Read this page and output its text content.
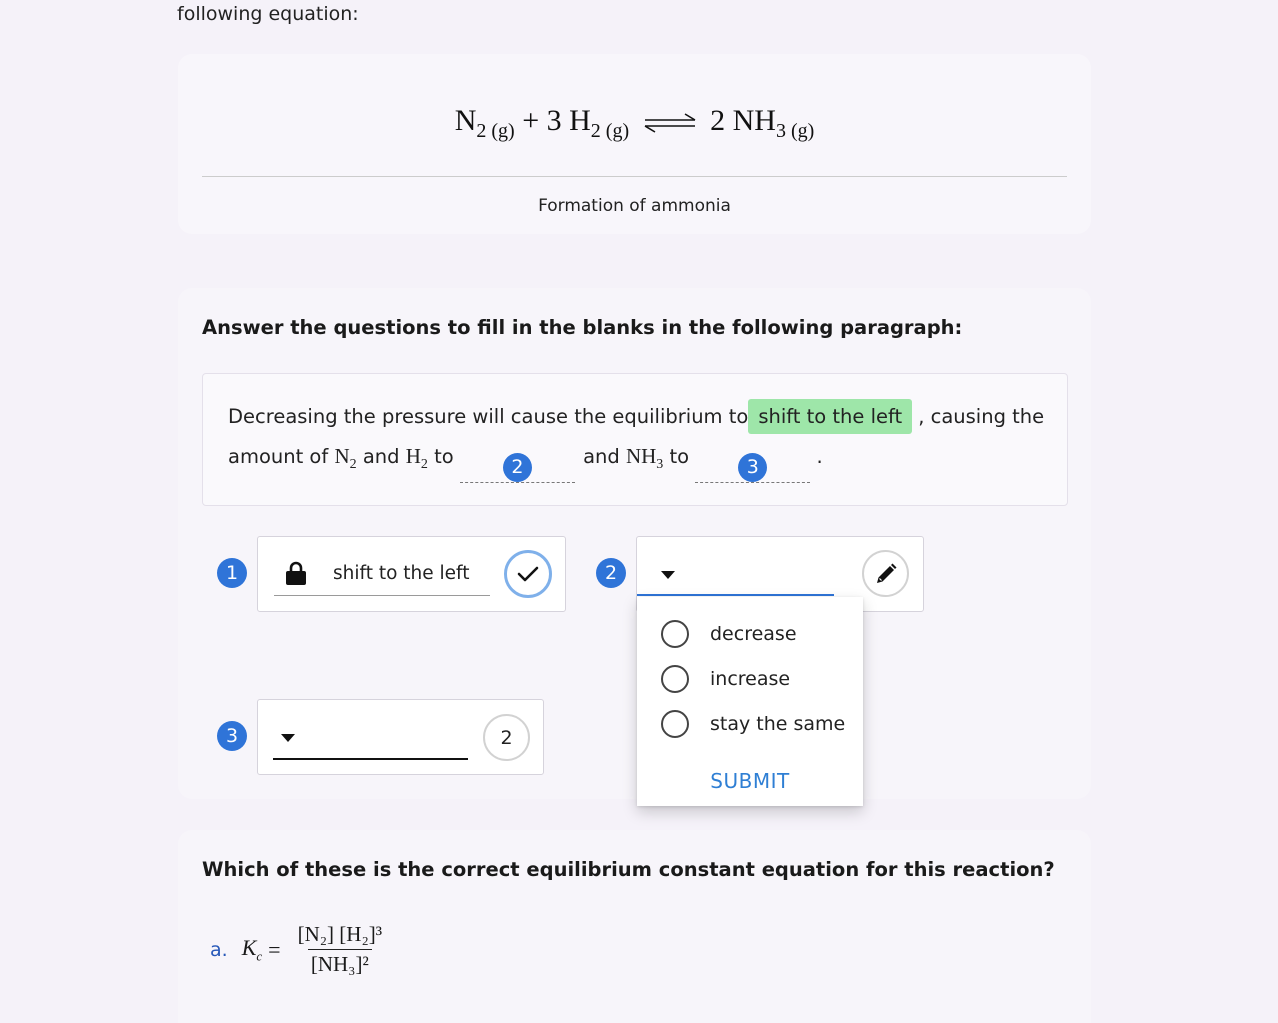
following equation:
$N_{2 (g)} + 3$ $H_{2 (g)}$ ⇌ 2 $NH_{3 (g)}$
Formation of ammonia
Answer the questions to fill in the blanks in the following paragraph:
Decreasing the pressure will cause the equilibrium to shift to the left , causing the
amount of $N_2$ and $H_2$ to	2	and $NH_3$ to	3	.
1	shift to the left	2
3	2
decrease
increase
stay the same
SUBMIT
Which of these is the correct equilibrium constant equation for this reaction?
a. $K_c = \frac{\text{[N₂] [H₂]³}}{\text{[NH₃]²}}$
